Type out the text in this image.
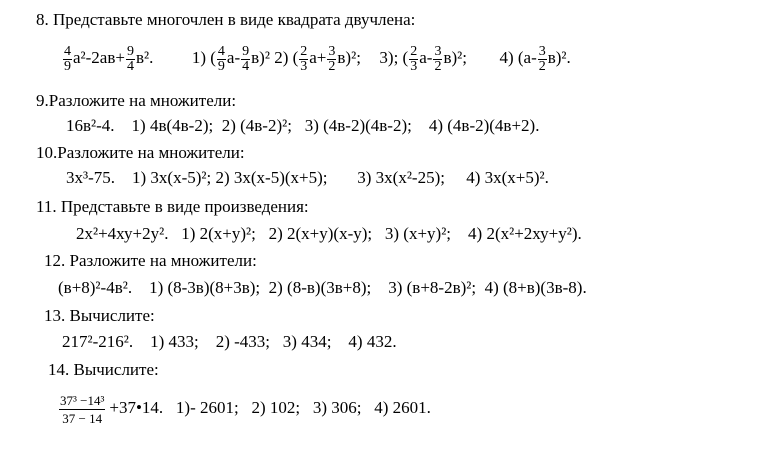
8. Представьте многочлен в виде квадрата двучлена:
$\frac{4}{9} а^2-2ав+ \frac{9}{4} в^2$. 1) ( $\frac{4}{9} а- \frac{9}{4} в)^2$ 2) ( $\frac{2}{3} а+ \frac{3}{2} в)^2$; 3); ( $\frac{2}{3} а- \frac{3}{2} в)^2$; 4) $(а- \frac{3}{2} в)^2$.
9.Разложите на множители:
16в²-4.    1) 4в(4в-2);  2) (4в-2)²;   3) (4в-2)(4в-2);    4) (4в-2)(4в+2).
10.Разложите на множители:
3х³-75.    1) 3х(х-5)²; 2) 3х(х-5)(х+5);       3) 3х(х²-25);     4) 3х(х+5)².
11. Представьте в виде произведения:
2х²+4ху+2у².   1) 2(х+у)²;   2) 2(х+у)(х-у);   3) (х+у)²;    4) 2(х²+2ху+у²).
12. Разложите на множители:
(в+8)²-4в².    1) (8-3в)(8+3в);  2) (8-в)(3в+8);    3) (в+8-2в)²;  4) (8+в)(3в-8).
13. Вычислите:
217²-216².    1) 433;    2) -433;   3) 434;    4) 432.
14. Вычислите:
$\frac{\text{37³ −14³}}{37 - 14}$ +37•14.   1)- 2601;   2) 102;   3) 306;   4) 2601.
